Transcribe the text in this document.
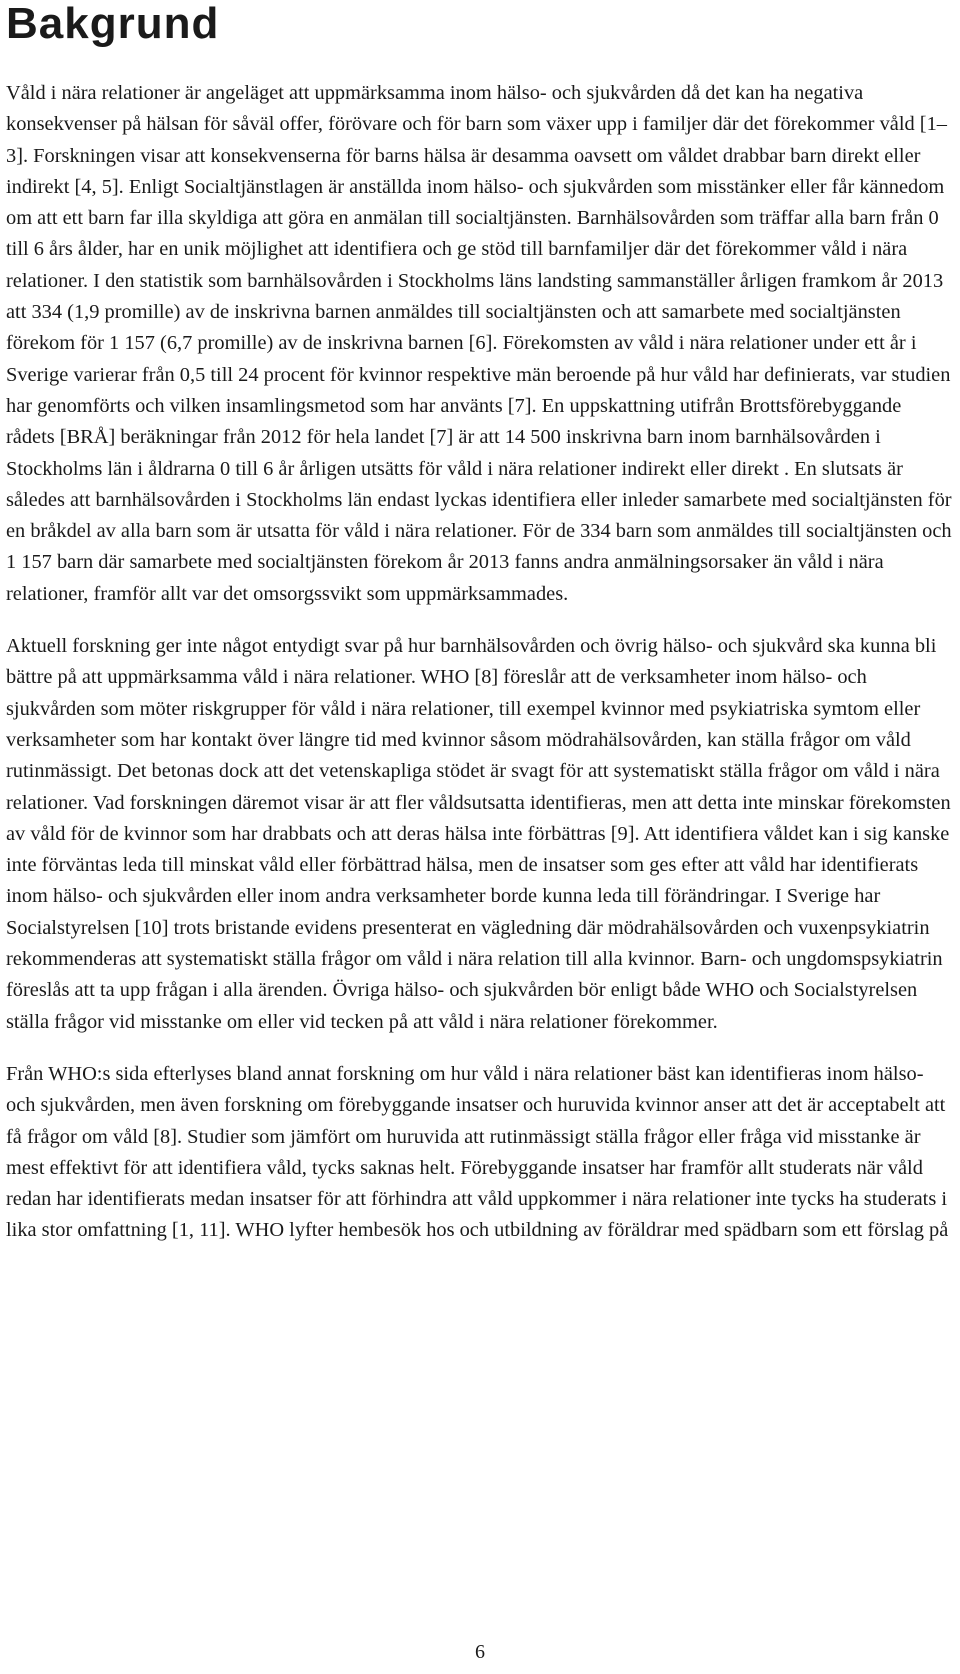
Bakgrund

Våld i nära relationer är angeläget att uppmärksamma inom hälso- och sjukvården då det kan ha negativa konsekvenser på hälsan för såväl offer, förövare och för barn som växer upp i familjer där det förekommer våld [1–3]. Forskningen visar att konsekvenserna för barns hälsa är desamma oavsett om våldet drabbar barn direkt eller indirekt [4, 5]. Enligt Socialtjänstlagen är anställda inom hälso- och sjukvården som misstänker eller får kännedom om att ett barn far illa skyldiga att göra en anmälan till socialtjänsten. Barnhälsovården som träffar alla barn från 0 till 6 års ålder, har en unik möjlighet att identifiera och ge stöd till barnfamiljer där det förekommer våld i nära relationer. I den statistik som barnhälsovården i Stockholms läns landsting sammanställer årligen framkom år 2013 att 334 (1,9 promille) av de inskrivna barnen anmäldes till socialtjänsten och att samarbete med socialtjänsten förekom för 1 157 (6,7 promille) av de inskrivna barnen [6]. Förekomsten av våld i nära relationer under ett år i Sverige varierar från 0,5 till 24 procent för kvinnor respektive män beroende på hur våld har definierats, var studien har genomförts och vilken insamlingsmetod som har använts [7]. En uppskattning utifrån Brottsförebyggande rådets [BRÅ] beräkningar från 2012 för hela landet [7] är att 14 500 inskrivna barn inom barnhälsovården i Stockholms län i åldrarna 0 till 6 år årligen utsätts för våld i nära relationer indirekt eller direkt . En slutsats är således att barnhälsovården i Stockholms län endast lyckas identifiera eller inleder samarbete med socialtjänsten för en bråkdel av alla barn som är utsatta för våld i nära relationer. För de 334 barn som anmäldes till socialtjänsten och 1 157 barn där samarbete med socialtjänsten förekom år 2013 fanns andra anmälningsorsaker än våld i nära relationer, framför allt var det omsorgssvikt som uppmärksammades.

Aktuell forskning ger inte något entydigt svar på hur barnhälsovården och övrig hälso- och sjukvård ska kunna bli bättre på att uppmärksamma våld i nära relationer. WHO [8] föreslår att de verksamheter inom hälso- och sjukvården som möter riskgrupper för våld i nära relationer, till exempel kvinnor med psykiatriska symtom eller verksamheter som har kontakt över längre tid med kvinnor såsom mödrahälsovården, kan ställa frågor om våld rutinmässigt. Det betonas dock att det vetenskapliga stödet är svagt för att systematiskt ställa frågor om våld i nära relationer. Vad forskningen däremot visar är att fler våldsutsatta identifieras, men att detta inte minskar förekomsten av våld för de kvinnor som har drabbats och att deras hälsa inte förbättras [9]. Att identifiera våldet kan i sig kanske inte förväntas leda till minskat våld eller förbättrad hälsa, men de insatser som ges efter att våld har identifierats inom hälso- och sjukvården eller inom andra verksamheter borde kunna leda till förändringar. I Sverige har Socialstyrelsen [10] trots bristande evidens presenterat en vägledning där mödrahälsovården och vuxenpsykiatrin rekommenderas att systematiskt ställa frågor om våld i nära relation till alla kvinnor. Barn- och ungdomspsykiatrin föreslås att ta upp frågan i alla ärenden. Övriga hälso- och sjukvården bör enligt både WHO och Socialstyrelsen ställa frågor vid misstanke om eller vid tecken på att våld i nära relationer förekommer.

Från WHO:s sida efterlyses bland annat forskning om hur våld i nära relationer bäst kan identifieras inom hälso- och sjukvården, men även forskning om förebyggande insatser och huruvida kvinnor anser att det är acceptabelt att få frågor om våld [8]. Studier som jämfört om huruvida att rutinmässigt ställa frågor eller fråga vid misstanke är mest effektivt för att identifiera våld, tycks saknas helt. Förebyggande insatser har framför allt studerats när våld redan har identifierats medan insatser för att förhindra att våld uppkommer i nära relationer inte tycks ha studerats i lika stor omfattning [1, 11]. WHO lyfter hembesök hos och utbildning av föräldrar med spädbarn som ett förslag på

6
